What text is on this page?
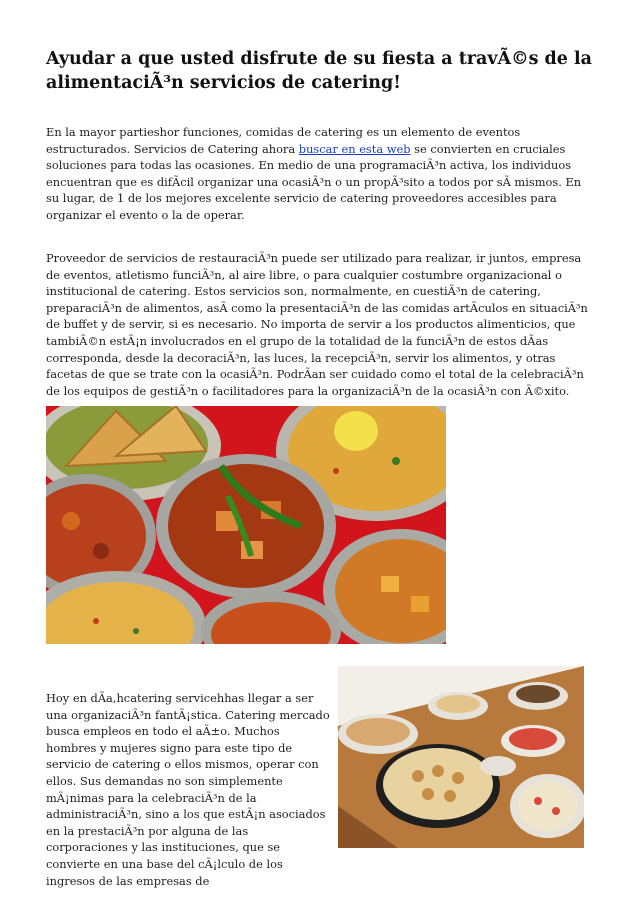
Ayudar a que usted disfrute de su fiesta a travÃ©s de la alimentaciÃ³n servicios de catering!

En la mayor partieshor funciones, comidas de catering es un elemento de eventos estructurados. Servicios de Catering ahora buscar en esta web se convierten en cruciales soluciones para todas las ocasiones. En medio de una programaciÃ³n activa, los individuos encuentran que es difÃcil organizar una ocasiÃ³n o un propÃ³sito a todos por sÃ mismos. En su lugar, de 1 de los mejores excelente servicio de catering proveedores accesibles para organizar el evento o la de operar.

Proveedor de servicios de restauraciÃ³n puede ser utilizado para realizar, ir juntos, empresa de eventos, atletismo funciÃ³n, al aire libre, o para cualquier costumbre organizacional o institucional de catering. Estos servicios son, normalmente, en cuestiÃ³n de catering, preparaciÃ³n de alimentos, asÃ como la presentaciÃ³n de las comidas artÃculos en situaciÃ³n de buffet y de servir, si es necesario. No importa de servir a los productos alimenticios, que tambiÃ©n estÃ¡n involucrados en el grupo de la totalidad de la funciÃ³n de estos dÃas corresponda, desde la decoraciÃ³n, las luces, la recepciÃ³n, servir los alimentos, y otras facetas de que se trate con la ocasiÃ³n. PodrÃan ser cuidado como el total de la celebraciÃ³n de los equipos de gestiÃ³n o facilitadores para la organizaciÃ³n de la ocasiÃ³n con Ã©xito.

Hoy en dÃa,hcatering servicehhas llegar a ser una organizaciÃ³n fantÃ¡stica. Catering mercado busca empleos en todo el aÃ±o. Muchos hombres y mujeres signo para este tipo de servicio de catering o ellos mismos, operar con ellos. Sus demandas no son simplemente mÃ¡nimas para la celebraciÃ³n de la administraciÃ³n, sino a los que estÃ¡n asociados en la prestaciÃ³n por alguna de las corporaciones y las instituciones, que se convierte en una base del cÃ¡lculo de los ingresos de las empresas de
